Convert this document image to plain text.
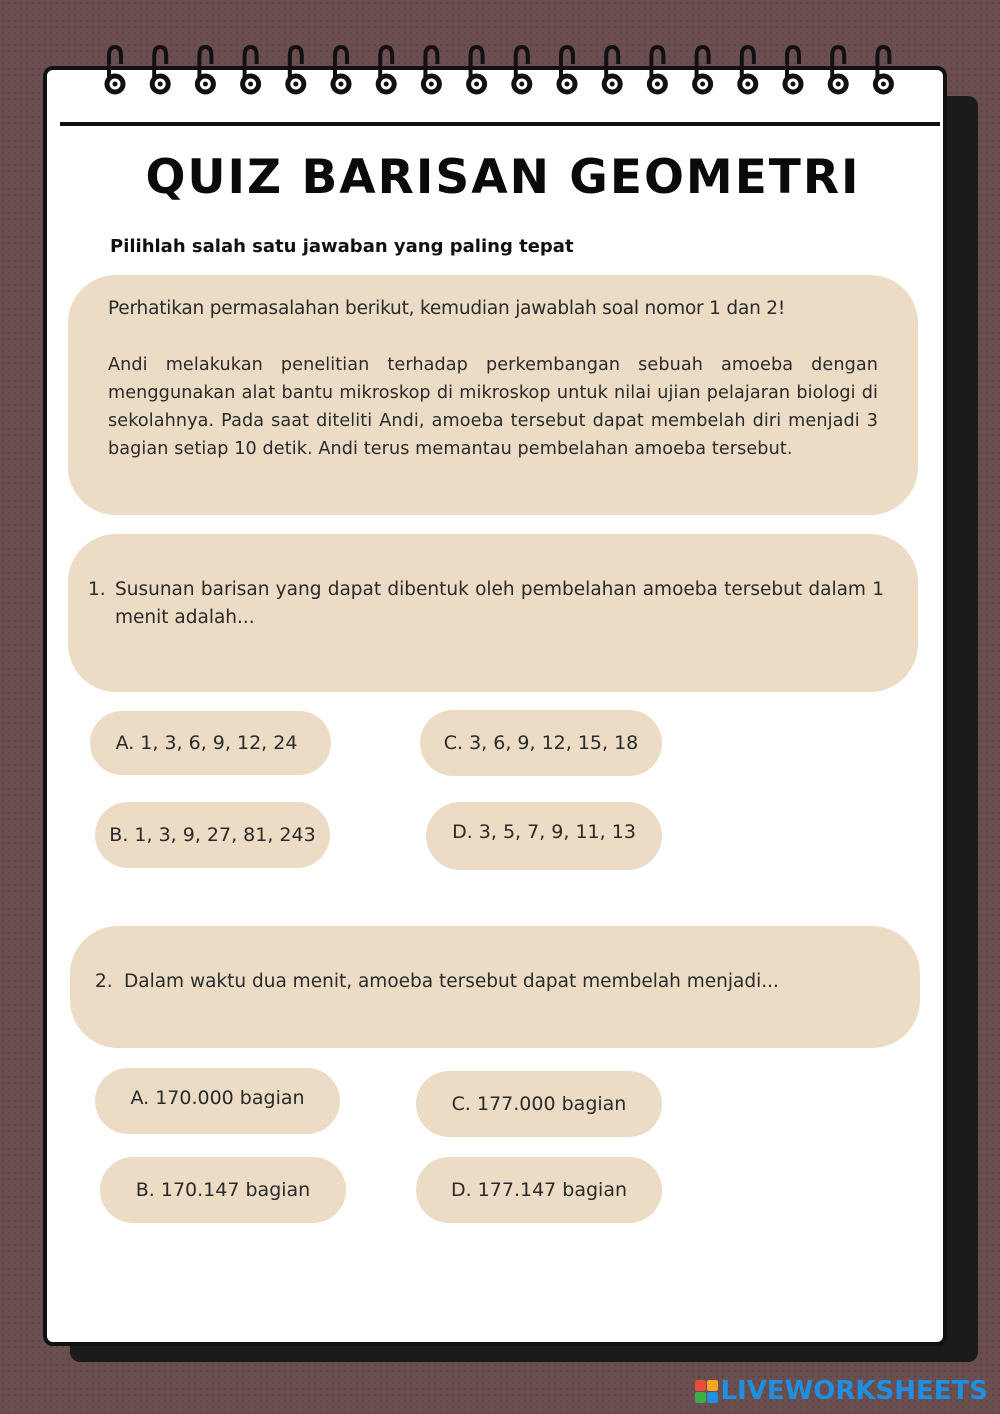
QUIZ BARISAN GEOMETRI
Pilihlah salah satu jawaban yang paling tepat

Perhatikan permasalahan berikut, kemudian jawablah soal nomor 1 dan 2!

Andi melakukan penelitian terhadap perkembangan sebuah amoeba dengan menggunakan alat bantu mikroskop di mikroskop untuk nilai ujian pelajaran biologi di sekolahnya. Pada saat diteliti Andi, amoeba tersebut dapat membelah diri menjadi 3 bagian setiap 10 detik. Andi terus memantau pembelahan amoeba tersebut.

1. Susunan barisan yang dapat dibentuk oleh pembelahan amoeba tersebut dalam 1 menit adalah...
A. 1, 3, 6, 9, 12, 24	C. 3, 6, 9, 12, 15, 18
B. 1, 3, 9, 27, 81, 243	D. 3, 5, 7, 9, 11, 13
2. Dalam waktu dua menit, amoeba tersebut dapat membelah menjadi...
A. 170.000 bagian	C. 177.000 bagian
B. 170.147 bagian	D. 177.147 bagian
LIVEWORKSHEETS
